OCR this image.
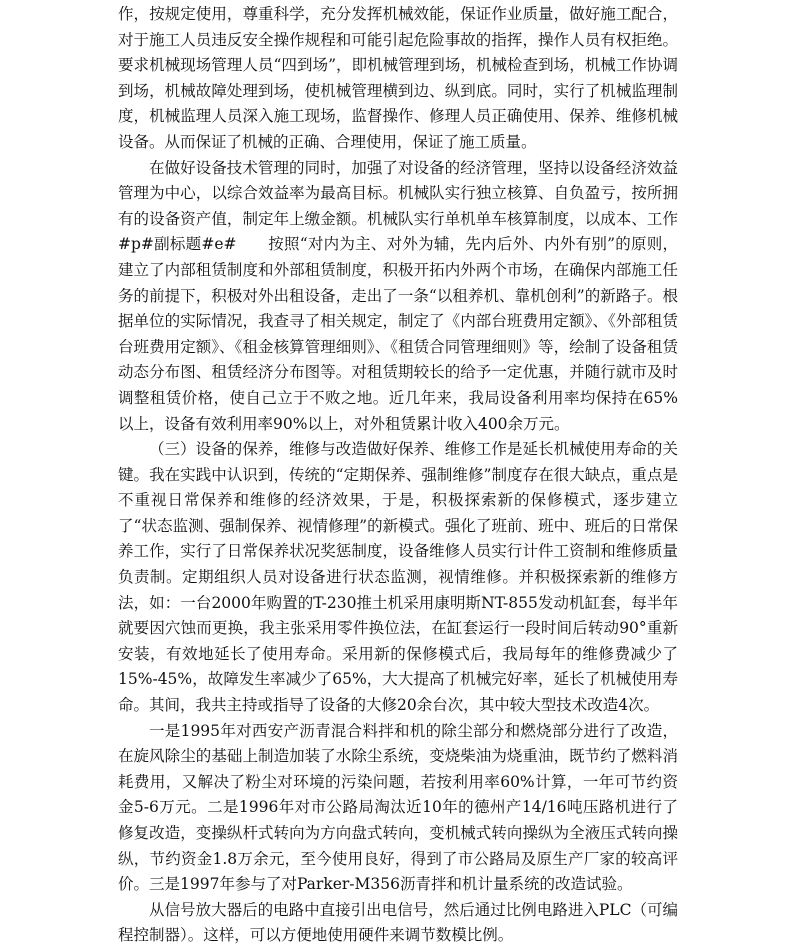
作，按规定使用，尊重科学，充分发挥机械效能，保证作业质量，做好施工配合，对于施工人员违反安全操作规程和可能引起危险事故的指挥，操作人员有权拒绝。要求机械现场管理人员“四到场”，即机械管理到场，机械检查到场，机械工作协调到场，机械故障处理到场，使机械管理横到边、纵到底。同时，实行了机械监理制度，机械监理人员深入施工现场，监督操作、修理人员正确使用、保养、维修机械设备。从而保证了机械的正确、合理使用，保证了施工质量。

在做好设备技术管理的同时，加强了对设备的经济管理，坚持以设备经济效益管理为中心，以综合效益率为最高目标。机械队实行独立核算、自负盈亏，按所拥有的设备资产值，制定年上缴金额。机械队实行单机单车核算制度，以成本、工作#p#副标题#e#　　按照“对内为主、对外为辅，先内后外、内外有别”的原则，建立了内部租赁制度和外部租赁制度，积极开拓内外两个市场，在确保内部施工任务的前提下，积极对外出租设备，走出了一条“以租养机、靠机创利”的新路子。根据单位的实际情况，我查寻了相关规定，制定了《内部台班费用定额》、《外部租赁台班费用定额》、《租金核算管理细则》、《租赁合同管理细则》等，绘制了设备租赁动态分布图、租赁经济分布图等。对租赁期较长的给予一定优惠，并随行就市及时调整租赁价格，使自己立于不败之地。近几年来，我局设备利用率均保持在65%以上，设备有效利用率90%以上，对外租赁累计收入400余万元。

（三）设备的保养，维修与改造做好保养、维修工作是延长机械使用寿命的关键。我在实践中认识到，传统的“定期保养、强制维修”制度存在很大缺点，重点是不重视日常保养和维修的经济效果，于是，积极探索新的保修模式，逐步建立了“状态监测、强制保养、视情修理”的新模式。强化了班前、班中、班后的日常保养工作，实行了日常保养状况奖惩制度，设备维修人员实行计件工资制和维修质量负责制。定期组织人员对设备进行状态监测，视情维修。并积极探索新的维修方法，如：一台2000年购置的T-230推土机采用康明斯NT-855发动机缸套，每半年就要因穴蚀而更换，我主张采用零件换位法，在缸套运行一段时间后转动90°重新安装，有效地延长了使用寿命。采用新的保修模式后，我局每年的维修费减少了15%-45%，故障发生率减少了65%，大大提高了机械完好率，延长了机械使用寿命。其间，我共主持或指导了设备的大修20余台次，其中较大型技术改造4次。

一是1995年对西安产沥青混合料拌和机的除尘部分和燃烧部分进行了改造，在旋风除尘的基础上制造加装了水除尘系统，变烧柴油为烧重油，既节约了燃料消耗费用，又解决了粉尘对环境的污染问题，若按利用率60%计算，一年可节约资金5-6万元。二是1996年对市公路局淘汰近10年的德州产14/16吨压路机进行了修复改造，变操纵杆式转向为方向盘式转向，变机械式转向操纵为全液压式转向操纵，节约资金1.8万余元，至今使用良好，得到了市公路局及原生产厂家的较高评价。三是1997年参与了对Parker-M356沥青拌和机计量系统的改造试验。

从信号放大器后的电路中直接引出电信号，然后通过比例电路进入PLC（可编程控制器）。这样，可以方便地使用硬件来调节数模比例。
